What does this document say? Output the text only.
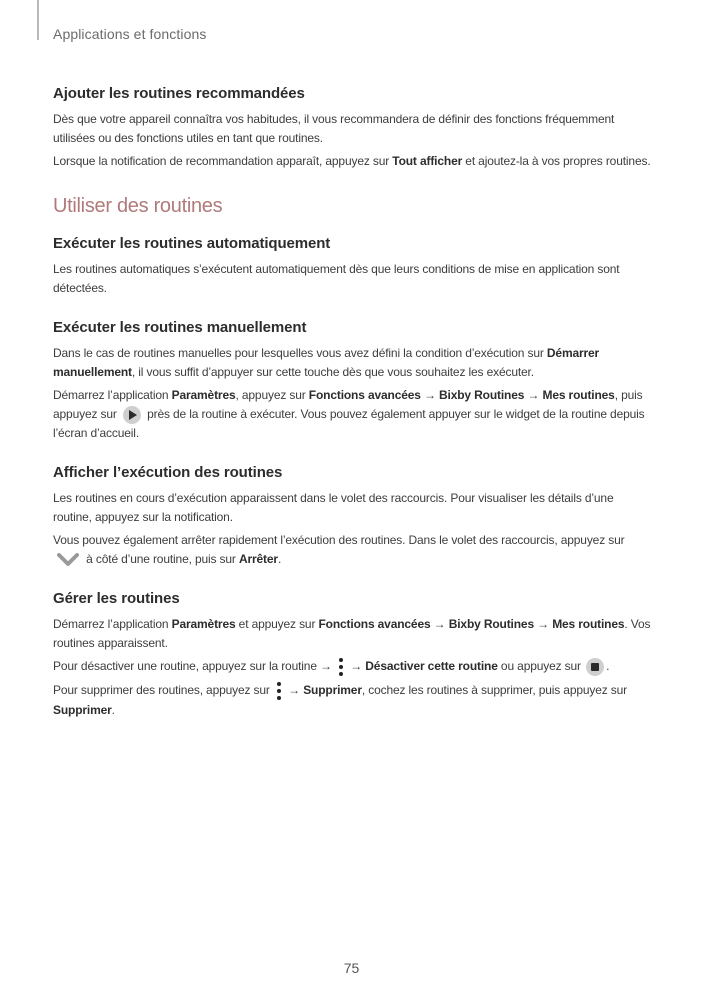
Applications et fonctions
Ajouter les routines recommandées

Dès que votre appareil connaîtra vos habitudes, il vous recommandera de définir des fonctions fréquemment utilisées ou des fonctions utiles en tant que routines.

Lorsque la notification de recommandation apparaît, appuyez sur Tout afficher et ajoutez-la à vos propres routines.

Utiliser des routines
Exécuter les routines automatiquement

Les routines automatiques s’exécutent automatiquement dès que leurs conditions de mise en application sont détectées.

Exécuter les routines manuellement

Dans le cas de routines manuelles pour lesquelles vous avez défini la condition d’exécution sur Démarrer manuellement, il vous suffit d’appuyer sur cette touche dès que vous souhaitez les exécuter.

Démarrez l’application Paramètres, appuyez sur Fonctions avancées → Bixby Routines → Mes routines, puis appuyez sur  près de la routine à exécuter. Vous pouvez également appuyer sur le widget de la routine depuis l’écran d’accueil.

Afficher l’exécution des routines

Les routines en cours d’exécution apparaissent dans le volet des raccourcis. Pour visualiser les détails d’une routine, appuyez sur la notification.

Vous pouvez également arrêter rapidement l’exécution des routines. Dans le volet des raccourcis, appuyez sur  à côté d’une routine, puis sur Arrêter.

Gérer les routines

Démarrez l’application Paramètres et appuyez sur Fonctions avancées → Bixby Routines → Mes routines. Vos routines apparaissent.

Pour désactiver une routine, appuyez sur la routine →
→ Désactiver cette routine ou appuyez sur .

Pour supprimer des routines, appuyez sur
→ Supprimer, cochez les routines à supprimer, puis appuyez sur Supprimer.

75
